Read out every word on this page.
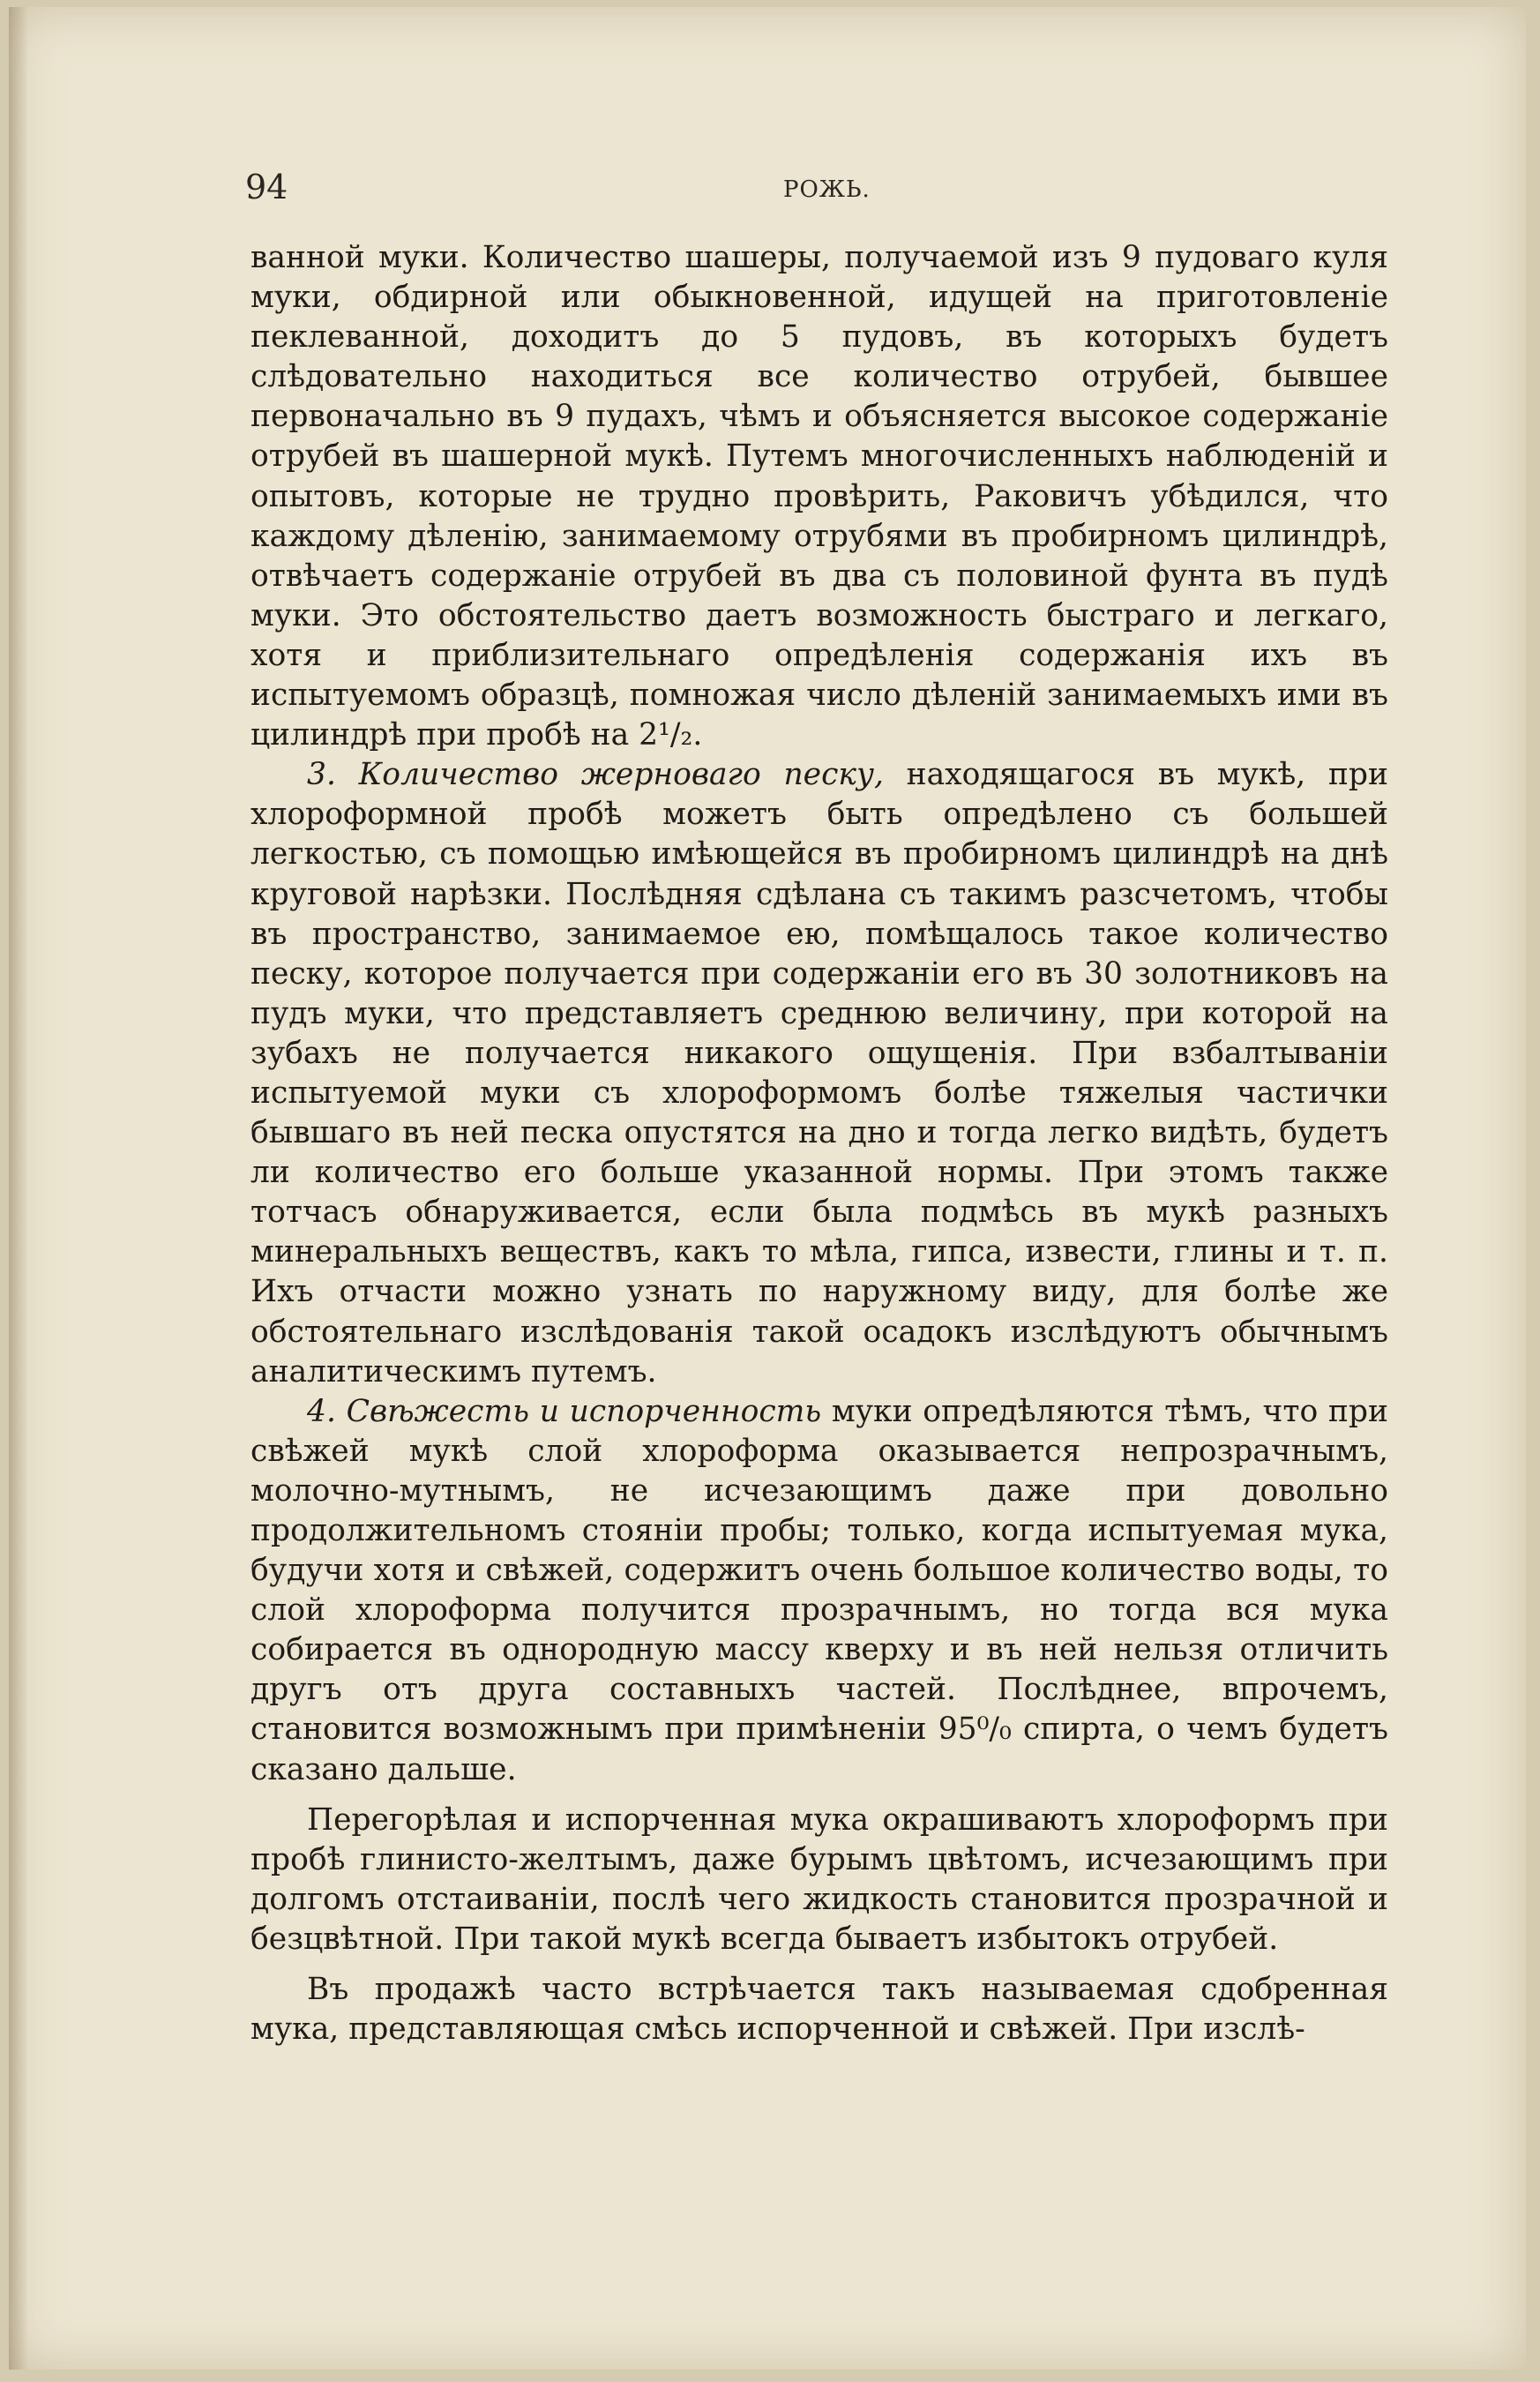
94	РОЖЬ.

ванной муки. Количество шашеры, получаемой изъ 9 пудоваго куля муки, обдирной или обыкновенной, идущей на приготовленіе пеклеванной, доходитъ до 5 пудовъ, въ которыхъ будетъ слѣдовательно находиться все количество отрубей, бывшее первоначально въ 9 пудахъ, чѣмъ и объясняется высокое содержаніе отрубей въ шашерной мукѣ. Путемъ многочисленныхъ наблюденій и опытовъ, которые не трудно провѣрить, Раковичъ убѣдился, что каждому дѣленію, занимаемому отрубями въ пробирномъ цилиндрѣ, отвѣчаетъ содержаніе отрубей въ два съ половиной фунта въ пудѣ муки. Это обстоятельство даетъ возможность быстраго и легкаго, хотя и приблизительнаго опредѣленія содержанія ихъ въ испытуемомъ образцѣ, помножая число дѣленій занимаемыхъ ими въ цилиндрѣ при пробѣ на 2¹/₂.

3. Количество жерноваго песку, находящагося въ мукѣ, при хлороформной пробѣ можетъ быть опредѣлено съ большей легкостью, съ помощью имѣющейся въ пробирномъ цилиндрѣ на днѣ круговой нарѣзки. Послѣдняя сдѣлана съ такимъ разсчетомъ, чтобы въ пространство, занимаемое ею, помѣщалось такое количество песку, которое получается при содержаніи его въ 30 золотниковъ на пудъ муки, что представляетъ среднюю величину, при которой на зубахъ не получается никакого ощущенія. При взбалтываніи испытуемой муки съ хлороформомъ болѣе тяжелыя частички бывшаго въ ней песка опустятся на дно и тогда легко видѣть, будетъ ли количество его больше указанной нормы. При этомъ также тотчасъ обнаруживается, если была подмѣсь въ мукѣ разныхъ минеральныхъ веществъ, какъ то мѣла, гипса, извести, глины и т. п. Ихъ отчасти можно узнать по наружному виду, для болѣе же обстоятельнаго изслѣдованія такой осадокъ изслѣдуютъ обычнымъ аналитическимъ путемъ.

4. Свѣжесть и испорченность муки опредѣляются тѣмъ, что при свѣжей мукѣ слой хлороформа оказывается непрозрачнымъ, молочно-мутнымъ, не исчезающимъ даже при довольно продолжительномъ стояніи пробы; только, когда испытуемая мука, будучи хотя и свѣжей, содержитъ очень большое количество воды, то слой хлороформа получится прозрачнымъ, но тогда вся мука собирается въ однородную массу кверху и въ ней нельзя отличить другъ отъ друга составныхъ частей. Послѣднее, впрочемъ, становится возможнымъ при примѣненіи 95⁰/₀ спирта, о чемъ будетъ сказано дальше.

Перегорѣлая и испорченная мука окрашиваютъ хлороформъ при пробѣ глинисто-желтымъ, даже бурымъ цвѣтомъ, исчезающимъ при долгомъ отстаиваніи, послѣ чего жидкость становится прозрачной и безцвѣтной. При такой мукѣ всегда бываетъ избытокъ отрубей.

Въ продажѣ часто встрѣчается такъ называемая сдобренная мука, представляющая смѣсь испорченной и свѣжей. При изслѣ-
